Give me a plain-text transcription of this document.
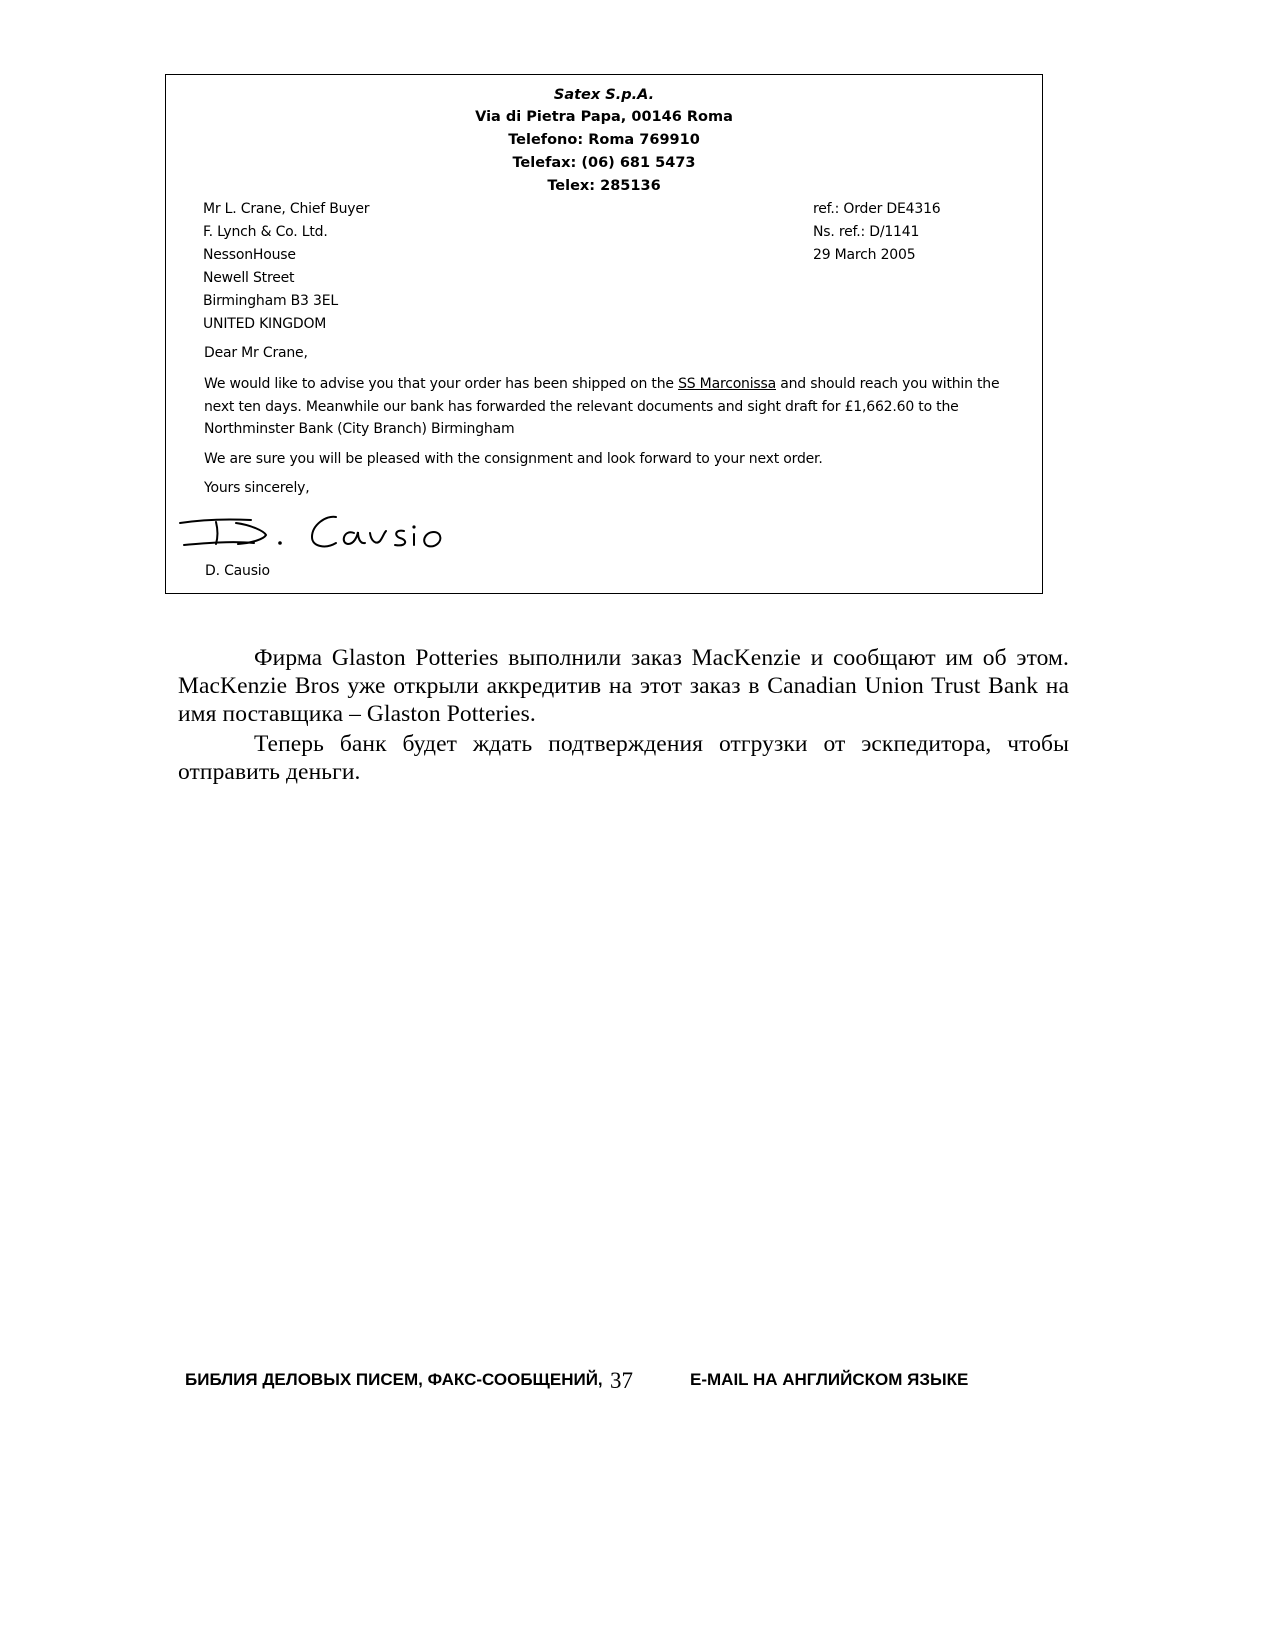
Satex S.p.A.
Via di Pietra Papa, 00146 Roma
Telefono: Roma 769910
Telefax: (06) 681 5473
Telex: 285136
Mr L. Crane, Chief Buyer
F. Lynch & Co. Ltd.
NessonHouse
Newell Street
Birmingham B3 3EL
UNITED KINGDOM
ref.: Order DE4316
Ns. ref.: D/1141
29 March 2005
Dear Mr Crane,
We would like to advise you that your order has been shipped on the SS Marconissa and should reach you within the next ten days. Meanwhile our bank has forwarded the relevant documents and sight draft for £1,662.60 to the Northminster Bank (City Branch) Birmingham
We are sure you will be pleased with the consignment and look forward to your next order.
Yours sincerely,
D. Causio
Фирма Glaston Potteries выполнили заказ MacKenzie и сообщают им об этом. MacKenzie Bros уже открыли аккредитив на этот заказ в Canadian Union Trust Bank на имя поставщика – Glaston Potteries.
Теперь банк будет ждать подтверждения отгрузки от эскпедитора, чтобы отправить деньги.
БИБЛИЯ ДЕЛОВЫХ ПИСЕМ, ФАКС-СООБЩЕНИЙ, 37	E-MAIL НА АНГЛИЙСКОМ ЯЗЫКЕ
